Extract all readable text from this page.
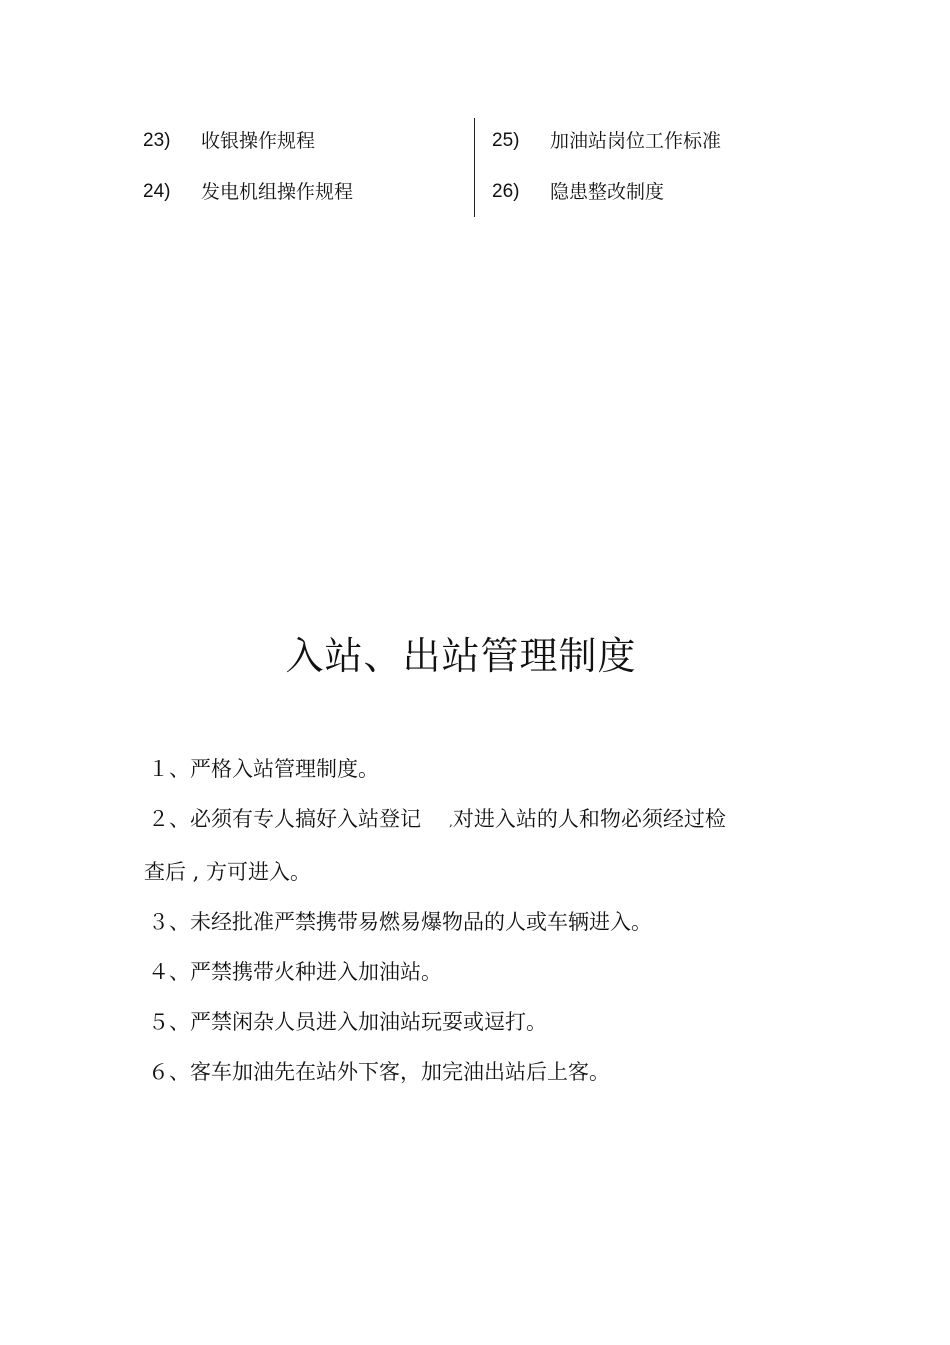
23) 收银操作规程
24) 发电机组操作规程
25) 加油站岗位工作标准
26) 隐患整改制度
入站、出站管理制度
１、严格入站管理制度。
２、必须有专人搞好入站登记 ,对进入站的人和物必须经过检
查后 , 方可进入。
３、未经批准严禁携带易燃易爆物品的人或车辆进入。
４、严禁携带火种进入加油站。
５、严禁闲杂人员进入加油站玩耍或逗打。
６、客车加油先在站外下客，加完油出站后上客。
